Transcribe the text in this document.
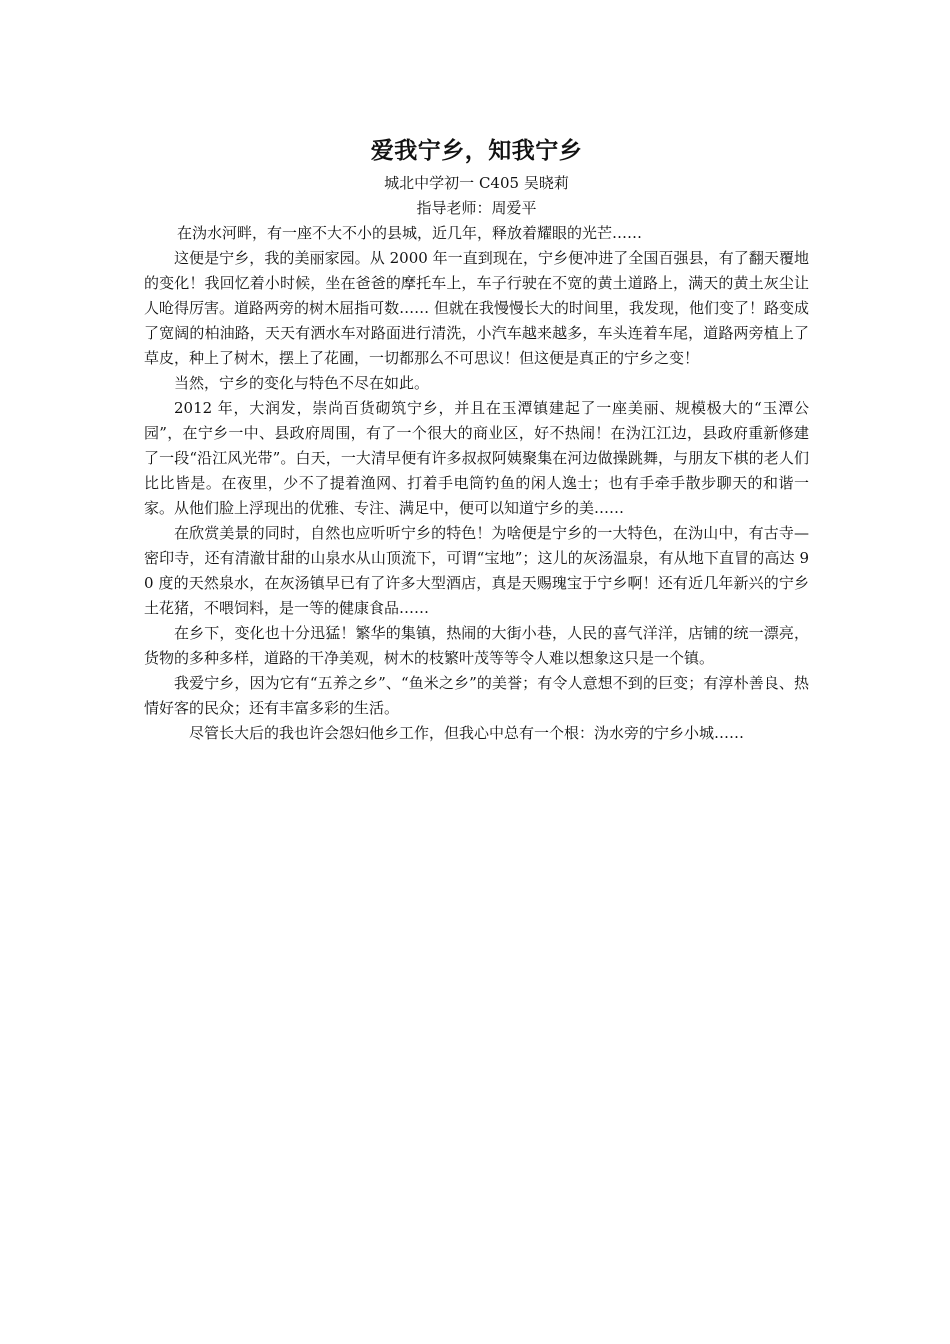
爱我宁乡，知我宁乡
城北中学初一 C405 吴晓莉
指导老师：周爱平

在沩水河畔，有一座不大不小的县城，近几年，释放着耀眼的光芒……

这便是宁乡，我的美丽家园。从 2000 年一直到现在，宁乡便冲进了全国百强县，有了翻天覆地的变化！我回忆着小时候，坐在爸爸的摩托车上，车子行驶在不宽的黄土道路上，满天的黄土灰尘让人呛得厉害。道路两旁的树木屈指可数…… 但就在我慢慢长大的时间里，我发现，他们变了！路变成了宽阔的柏油路，天天有洒水车对路面进行清洗，小汽车越来越多，车头连着车尾，道路两旁植上了草皮，种上了树木，摆上了花圃，一切都那么不可思议！但这便是真正的宁乡之变！

当然，宁乡的变化与特色不尽在如此。

2012 年，大润发，崇尚百货砌筑宁乡，并且在玉潭镇建起了一座美丽、规模极大的“玉潭公园”，在宁乡一中、县政府周围，有了一个很大的商业区，好不热闹！在沩江江边，县政府重新修建了一段“沿江风光带”。白天，一大清早便有许多叔叔阿姨聚集在河边做操跳舞，与朋友下棋的老人们比比皆是。在夜里，少不了提着渔网、打着手电筒钓鱼的闲人逸士；也有手牵手散步聊天的和谐一家。从他们脸上浮现出的优雅、专注、满足中，便可以知道宁乡的美……

在欣赏美景的同时，自然也应听听宁乡的特色！为啥便是宁乡的一大特色，在沩山中，有古寺—密印寺，还有清澈甘甜的山泉水从山顶流下，可谓“宝地”；这儿的灰汤温泉，有从地下直冒的高达 90 度的天然泉水，在灰汤镇早已有了许多大型酒店，真是天赐瑰宝于宁乡啊！还有近几年新兴的宁乡土花猪，不喂饲料，是一等的健康食品……

在乡下，变化也十分迅猛！繁华的集镇，热闹的大街小巷，人民的喜气洋洋，店铺的统一漂亮，货物的多种多样，道路的干净美观，树木的枝繁叶茂等等令人难以想象这只是一个镇。

我爱宁乡，因为它有“五养之乡”、“鱼米之乡”的美誉；有令人意想不到的巨变；有淳朴善良、热情好客的民众；还有丰富多彩的生活。

尽管长大后的我也许会怨妇他乡工作，但我心中总有一个根：沩水旁的宁乡小城……
